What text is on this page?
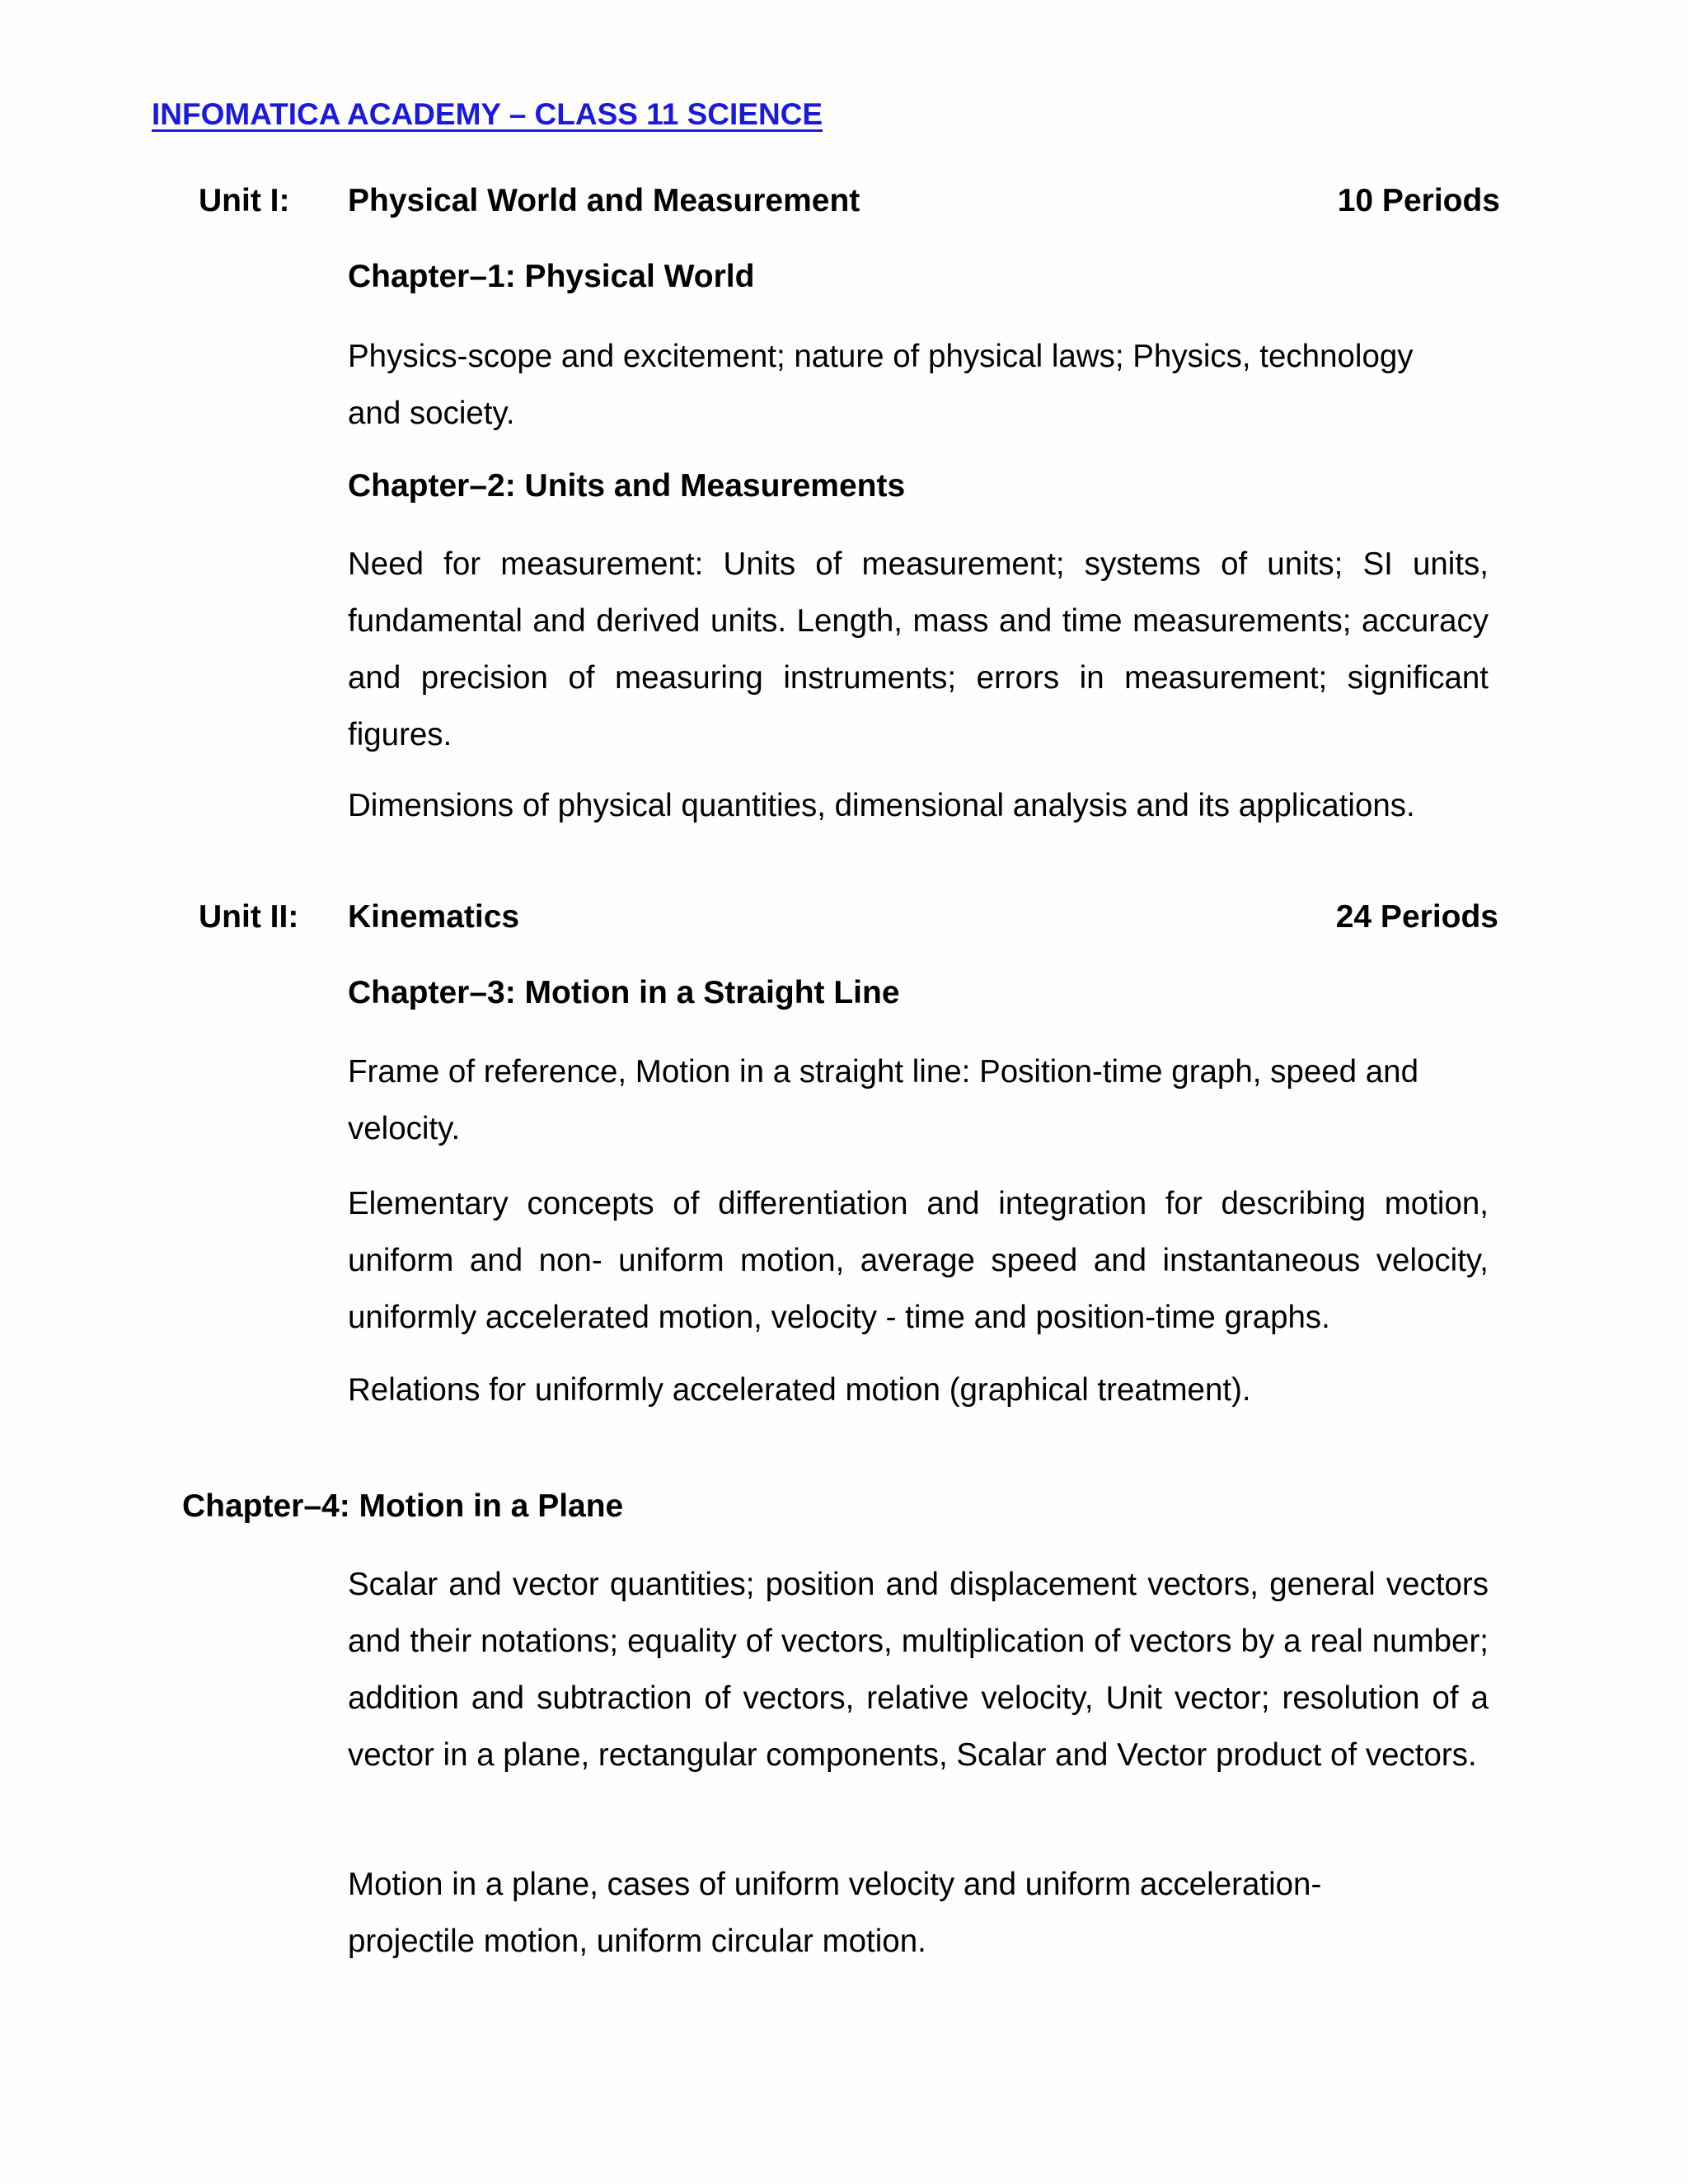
INFOMATICA ACADEMY – CLASS 11 SCIENCE
Unit I: Physical World and Measurement	10 Periods
Chapter–1: Physical World

Physics-scope and excitement; nature of physical laws; Physics, technology and society.

Chapter–2: Units and Measurements

Need for measurement: Units of measurement; systems of units; SI units, fundamental and derived units. Length, mass and time measurements; accuracy and precision of measuring instruments; errors in measurement; significant figures.

Dimensions of physical quantities, dimensional analysis and its applications.

Unit II: Kinematics	24 Periods
Chapter–3: Motion in a Straight Line

Frame of reference, Motion in a straight line: Position-time graph, speed and velocity.

Elementary concepts of differentiation and integration for describing motion, uniform and non- uniform motion, average speed and instantaneous velocity, uniformly accelerated motion, velocity - time and position-time graphs.

Relations for uniformly accelerated motion (graphical treatment).

Chapter–4: Motion in a Plane

Scalar and vector quantities; position and displacement vectors, general vectors and their notations; equality of vectors, multiplication of vectors by a real number; addition and subtraction of vectors, relative velocity, Unit vector; resolution of a vector in a plane, rectangular components, Scalar and Vector product of vectors.

Motion in a plane, cases of uniform velocity and uniform acceleration- projectile motion, uniform circular motion.
